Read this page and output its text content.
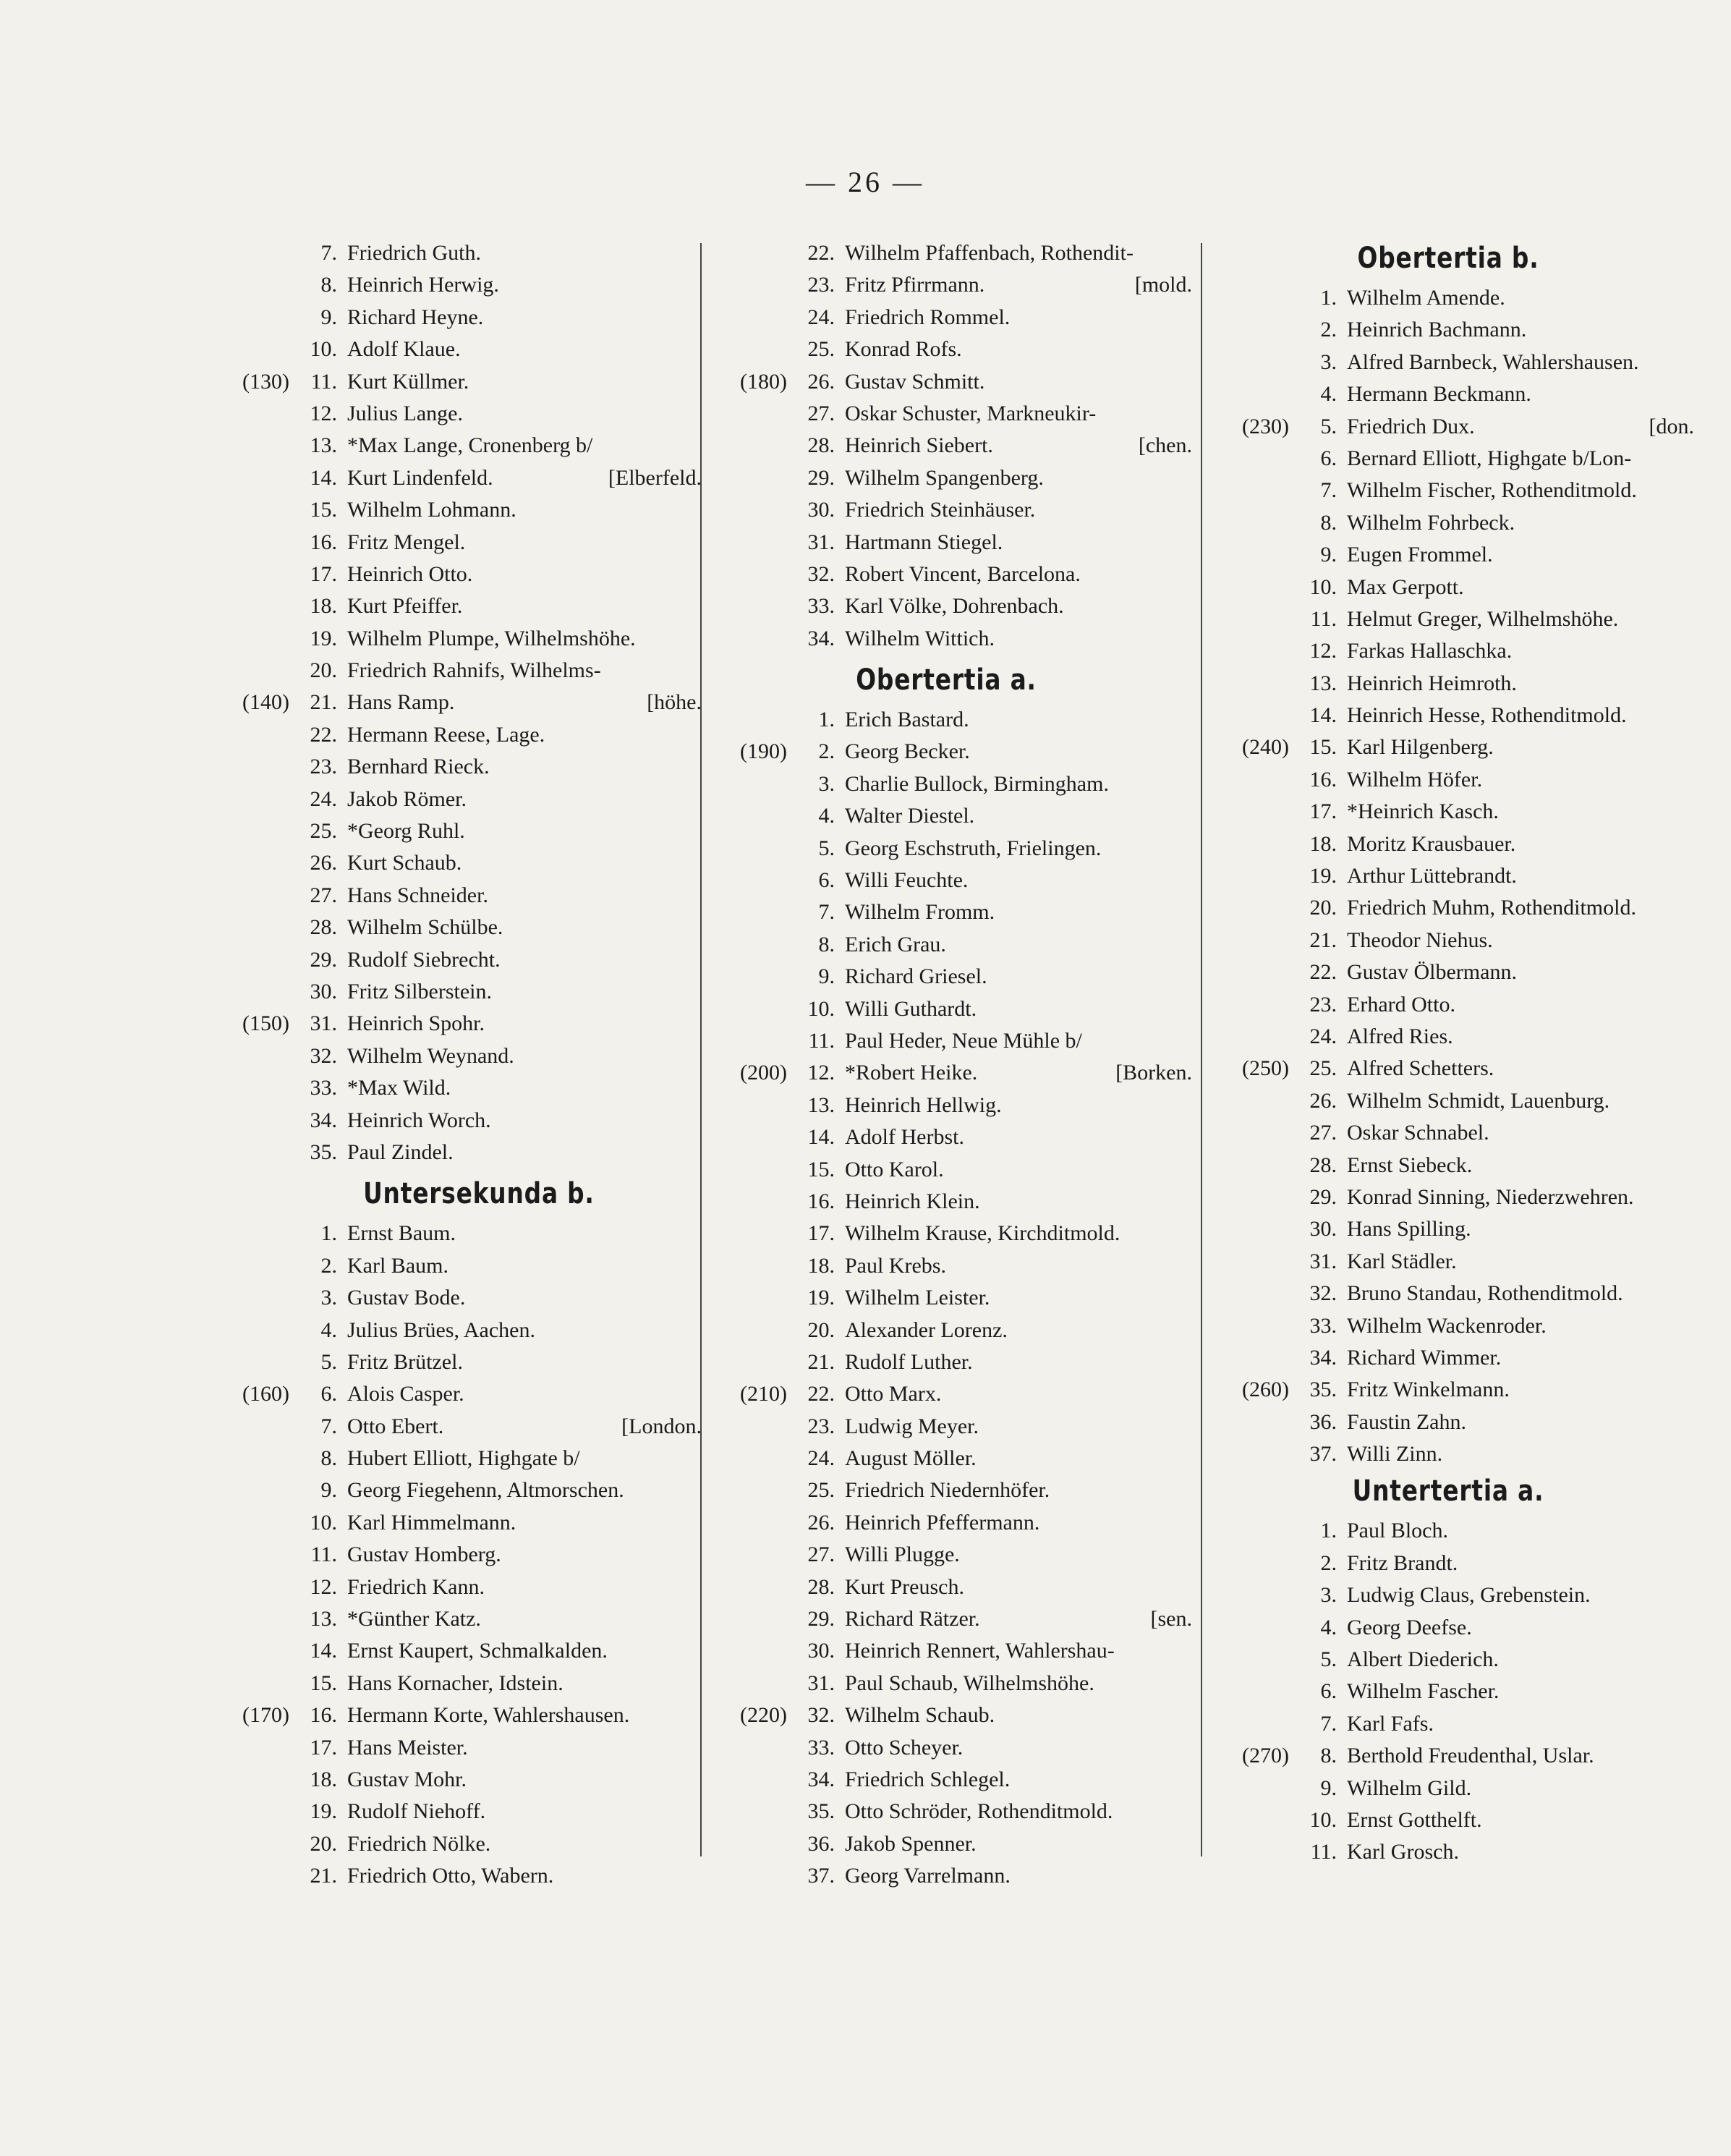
— 26 —
7. Friedrich Guth.
8. Heinrich Herwig.
9. Richard Heyne.
10. Adolf Klaue.
(130) 11. Kurt Küllmer.
12. Julius Lange.
13. *Max Lange, Cronenberg b/
14. Kurt Lindenfeld.	[Elberfeld.
15. Wilhelm Lohmann.
16. Fritz Mengel.
17. Heinrich Otto.
18. Kurt Pfeiffer.
19. Wilhelm Plumpe, Wilhelmshöhe.
20. Friedrich Rahnifs, Wilhelms-
(140) 21. Hans Ramp.	[höhe.
22. Hermann Reese, Lage.
23. Bernhard Rieck.
24. Jakob Römer.
25. *Georg Ruhl.
26. Kurt Schaub.
27. Hans Schneider.
28. Wilhelm Schülbe.
29. Rudolf Siebrecht.
30. Fritz Silberstein.
(150) 31. Heinrich Spohr.
32. Wilhelm Weynand.
33. *Max Wild.
34. Heinrich Worch.
35. Paul Zindel.
Untersekunda b.
1. Ernst Baum.
2. Karl Baum.
3. Gustav Bode.
4. Julius Brües, Aachen.
5. Fritz Brützel.
(160)	6. Alois Casper.
7. Otto Ebert.	[London.
8. Hubert Elliott, Highgate b/
9. Georg Fiegehenn, Altmorschen.
10. Karl Himmelmann.
11. Gustav Homberg.
12. Friedrich Kann.
13. *Günther Katz.
14. Ernst Kaupert, Schmalkalden.
15. Hans Kornacher, Idstein.
(170) 16. Hermann Korte, Wahlershausen.
17. Hans Meister.
18. Gustav Mohr.
19. Rudolf Niehoff.
20. Friedrich Nölke.
21. Friedrich Otto, Wabern.
22. Wilhelm Pfaffenbach, Rothendit-
23. Fritz Pfirrmann.	[mold.
24. Friedrich Rommel.
25. Konrad Rofs.
(180) 26. Gustav Schmitt.
27. Oskar Schuster, Markneukir-
28. Heinrich Siebert.	[chen.
29. Wilhelm Spangenberg.
30. Friedrich Steinhäuser.
31. Hartmann Stiegel.
32. Robert Vincent, Barcelona.
33. Karl Völke, Dohrenbach.
34. Wilhelm Wittich.
Obertertia a.
1. Erich Bastard.
(190)	2. Georg Becker.
3. Charlie Bullock, Birmingham.
4. Walter Diestel.
5. Georg Eschstruth, Frielingen.
6. Willi Feuchte.
7. Wilhelm Fromm.
8. Erich Grau.
9. Richard Griesel.
10. Willi Guthardt.
11. Paul Heder, Neue Mühle b/
(200) 12. *Robert Heike.	[Borken.
13. Heinrich Hellwig.
14. Adolf Herbst.
15. Otto Karol.
16. Heinrich Klein.
17. Wilhelm Krause, Kirchditmold.
18. Paul Krebs.
19. Wilhelm Leister.
20. Alexander Lorenz.
21. Rudolf Luther.
(210) 22. Otto Marx.
23. Ludwig Meyer.
24. August Möller.
25. Friedrich Niedernhöfer.
26. Heinrich Pfeffermann.
27. Willi Plugge.
28. Kurt Preusch.
29. Richard Rätzer.	[sen.
30. Heinrich Rennert, Wahlershau-
31. Paul Schaub, Wilhelmshöhe.
(220) 32. Wilhelm Schaub.
33. Otto Scheyer.
34. Friedrich Schlegel.
35. Otto Schröder, Rothenditmold.
36. Jakob Spenner.
37. Georg Varrelmann.
Obertertia b.
1. Wilhelm Amende.
2. Heinrich Bachmann.
3. Alfred Barnbeck, Wahlershausen.
4. Hermann Beckmann.
(230)	5. Friedrich Dux.	[don.
6. Bernard Elliott, Highgate b/Lon-
7. Wilhelm Fischer, Rothenditmold.
8. Wilhelm Fohrbeck.
9. Eugen Frommel.
10. Max Gerpott.
11. Helmut Greger, Wilhelmshöhe.
12. Farkas Hallaschka.
13. Heinrich Heimroth.
14. Heinrich Hesse, Rothenditmold.
(240) 15. Karl Hilgenberg.
16. Wilhelm Höfer.
17. *Heinrich Kasch.
18. Moritz Krausbauer.
19. Arthur Lüttebrandt.
20. Friedrich Muhm, Rothenditmold.
21. Theodor Niehus.
22. Gustav Ölbermann.
23. Erhard Otto.
24. Alfred Ries.
(250) 25. Alfred Schetters.
26. Wilhelm Schmidt, Lauenburg.
27. Oskar Schnabel.
28. Ernst Siebeck.
29. Konrad Sinning, Niederzwehren.
30. Hans Spilling.
31. Karl Städler.
32. Bruno Standau, Rothenditmold.
33. Wilhelm Wackenroder.
34. Richard Wimmer.
(260) 35. Fritz Winkelmann.
36. Faustin Zahn.
37. Willi Zinn.
Untertertia a.
1. Paul Bloch.
2. Fritz Brandt.
3. Ludwig Claus, Grebenstein.
4. Georg Deefse.
5. Albert Diederich.
6. Wilhelm Fascher.
7. Karl Fafs.
(270)	8. Berthold Freudenthal, Uslar.
9. Wilhelm Gild.
10. Ernst Gotthelft.
11. Karl Grosch.
